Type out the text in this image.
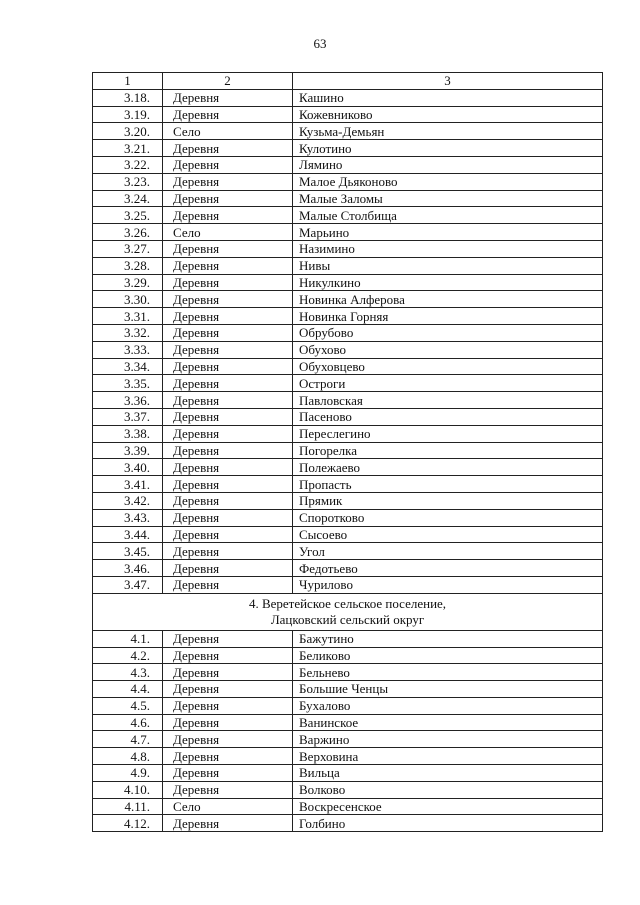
63
1	2	3
3.18.	Деревня	Кашино
3.19.	Деревня	Кожевниково
3.20.	Село	Кузьма-Демьян
3.21.	Деревня	Кулотино
3.22.	Деревня	Лямино
3.23.	Деревня	Малое Дьяконово
3.24.	Деревня	Малые Заломы
3.25.	Деревня	Малые Столбища
3.26.	Село	Марьино
3.27.	Деревня	Назимино
3.28.	Деревня	Нивы
3.29.	Деревня	Никулкино
3.30.	Деревня	Новинка Алферова
3.31.	Деревня	Новинка Горняя
3.32.	Деревня	Обрубово
3.33.	Деревня	Обухово
3.34.	Деревня	Обуховцево
3.35.	Деревня	Остроги
3.36.	Деревня	Павловская
3.37.	Деревня	Пасеново
3.38.	Деревня	Переслегино
3.39.	Деревня	Погорелка
3.40.	Деревня	Полежаево
3.41.	Деревня	Пропасть
3.42.	Деревня	Прямик
3.43.	Деревня	Споротково
3.44.	Деревня	Сысоево
3.45.	Деревня	Угол
3.46.	Деревня	Федотьево
3.47.	Деревня	Чурилово

4. Веретейское сельское поселение,
Лацковский сельский округ		

4.1.	Деревня	Бажутино
4.2.	Деревня	Беликово
4.3.	Деревня	Бельнево
4.4.	Деревня	Большие Ченцы
4.5.	Деревня	Бухалово
4.6.	Деревня	Ванинское
4.7.	Деревня	Варжино
4.8.	Деревня	Верховина
4.9.	Деревня	Вильца
4.10.	Деревня	Волково
4.11.	Село	Воскресенское
4.12.	Деревня	Голбино
